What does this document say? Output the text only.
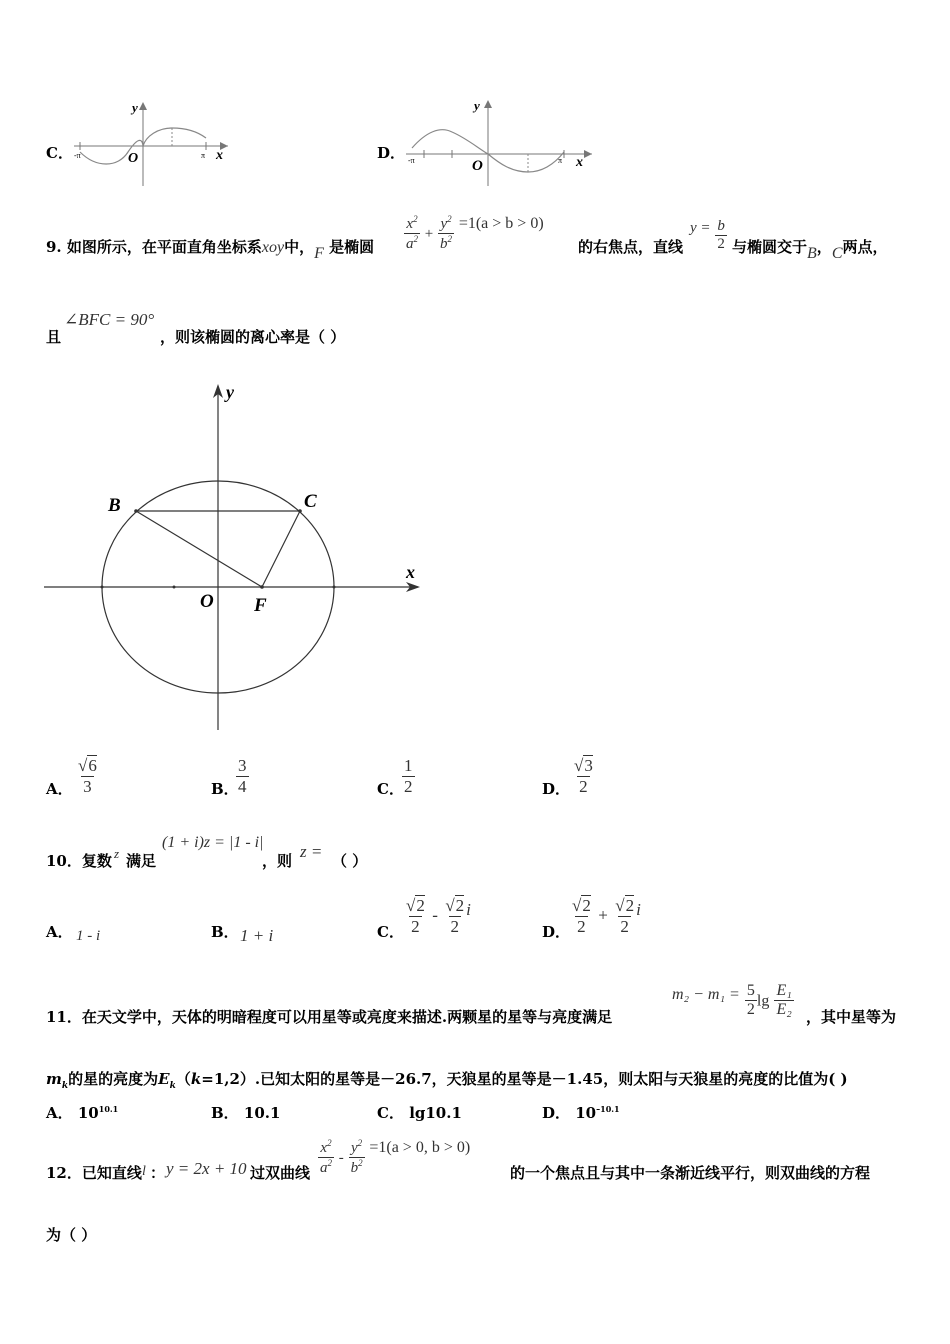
C．
y
x
O
-π	π	D．
y
x
O
-π	π
9. 如图所示，在平面直角坐标系xoy中，F 是椭圆 $\frac{x^2}{a^2} + \frac{y^2}{b^2} =1(a > b > 0)$
的右焦点，直线
$y = \frac{b}{2}$ 与椭圆交于B，C两点，
且
∠BFC = 90°
，则该椭圆的离心率是（ ）
y
x
O F
B	C
A． $\frac{√6}{3}$	B．
$\frac{3}{4}$	C．
$\frac{1}{2}$	D． $\frac{√3}{2}$
10．复数 z 满足
(1 + i)z = |1 - i|
，则 z = （ ）
A． 1 - i	B． 1 + i	C． $\frac{√2}{2} - \frac{√2}{2}$ i
D． $\frac{√2}{2} + \frac{√2}{2}$ i
11．在天文学中，天体的明暗程度可以用星等或亮度来描述.两颗星的星等与亮度满足
$m_2 - m_1 = \frac{5}{2}$ $\lg \frac{\text{E₁}}{\text{E₂}}$ ，其中星等为
$m_k$的星的亮度为$E_k(k=1,2)$.已知太阳的星等是－26.7，天狼星的星等是－1.45，则太阳与天狼星的亮度的比值为( )
A． $10^{10.1}$	B． 10.1	C． lg10.1	D． $10^{-10.1}$
12．已知直线 l ： y = 2x + 10 过双曲线 $\frac{x^2}{a^2} - \frac{y^2}{b^2} =1(a > 0$, b > 0)
的一个焦点且与其中一条渐近线平行，则双曲线的方程
为（ ）
